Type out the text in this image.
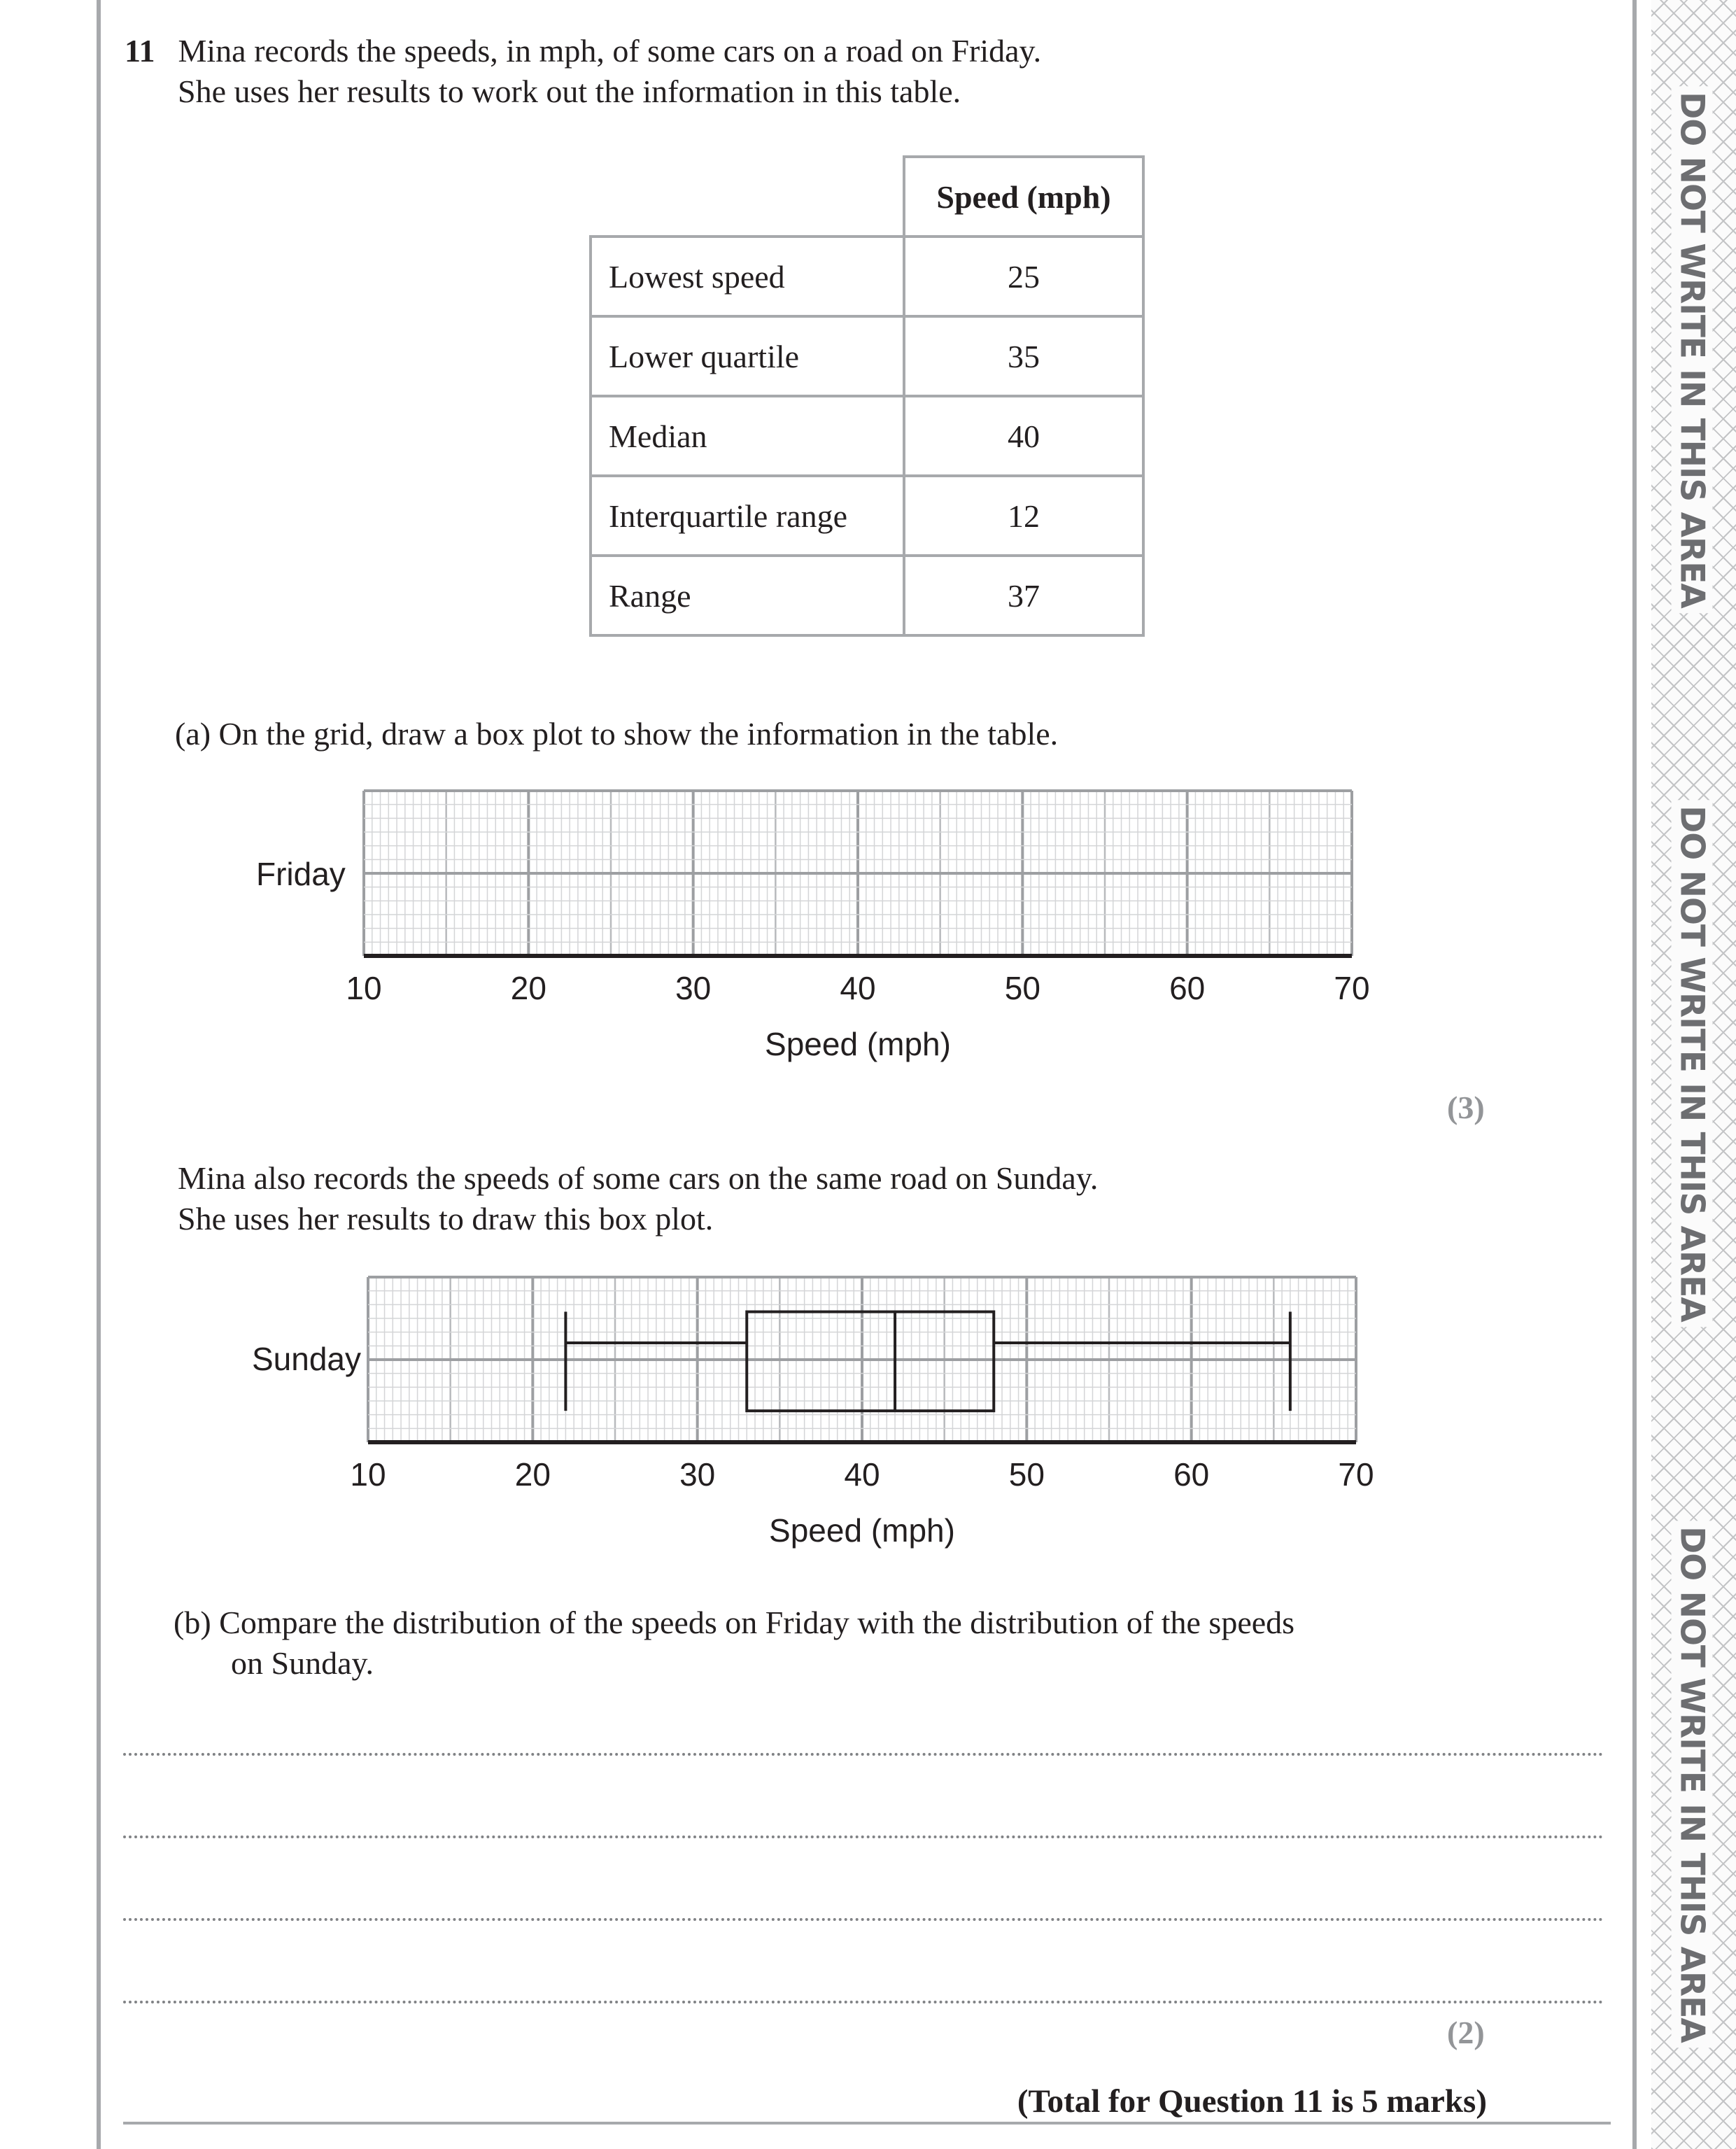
DO NOT WRITE IN THIS AREA
DO NOT WRITE IN THIS AREA
DO NOT WRITE IN THIS AREA
11 Mina records the speeds, in mph, of some cars on a road on Friday.
She uses her results to work out the information in this table.
	Speed (mph)
Lowest speed	25
Lower quartile	35
Median	40
Interquartile range	12
Range	37
(a) On the grid, draw a box plot to show the information in the table.
Friday
10	20	30	40	50	60	70
Speed (mph)
(3)
Mina also records the speeds of some cars on the same road on Sunday.
She uses her results to draw this box plot.
Sunday
10	20	30	40	50	60	70
Speed (mph)
(b) Compare the distribution of the speeds on Friday with the distribution of the speeds
on Sunday.
(2)
(Total for Question 11 is 5 marks)
